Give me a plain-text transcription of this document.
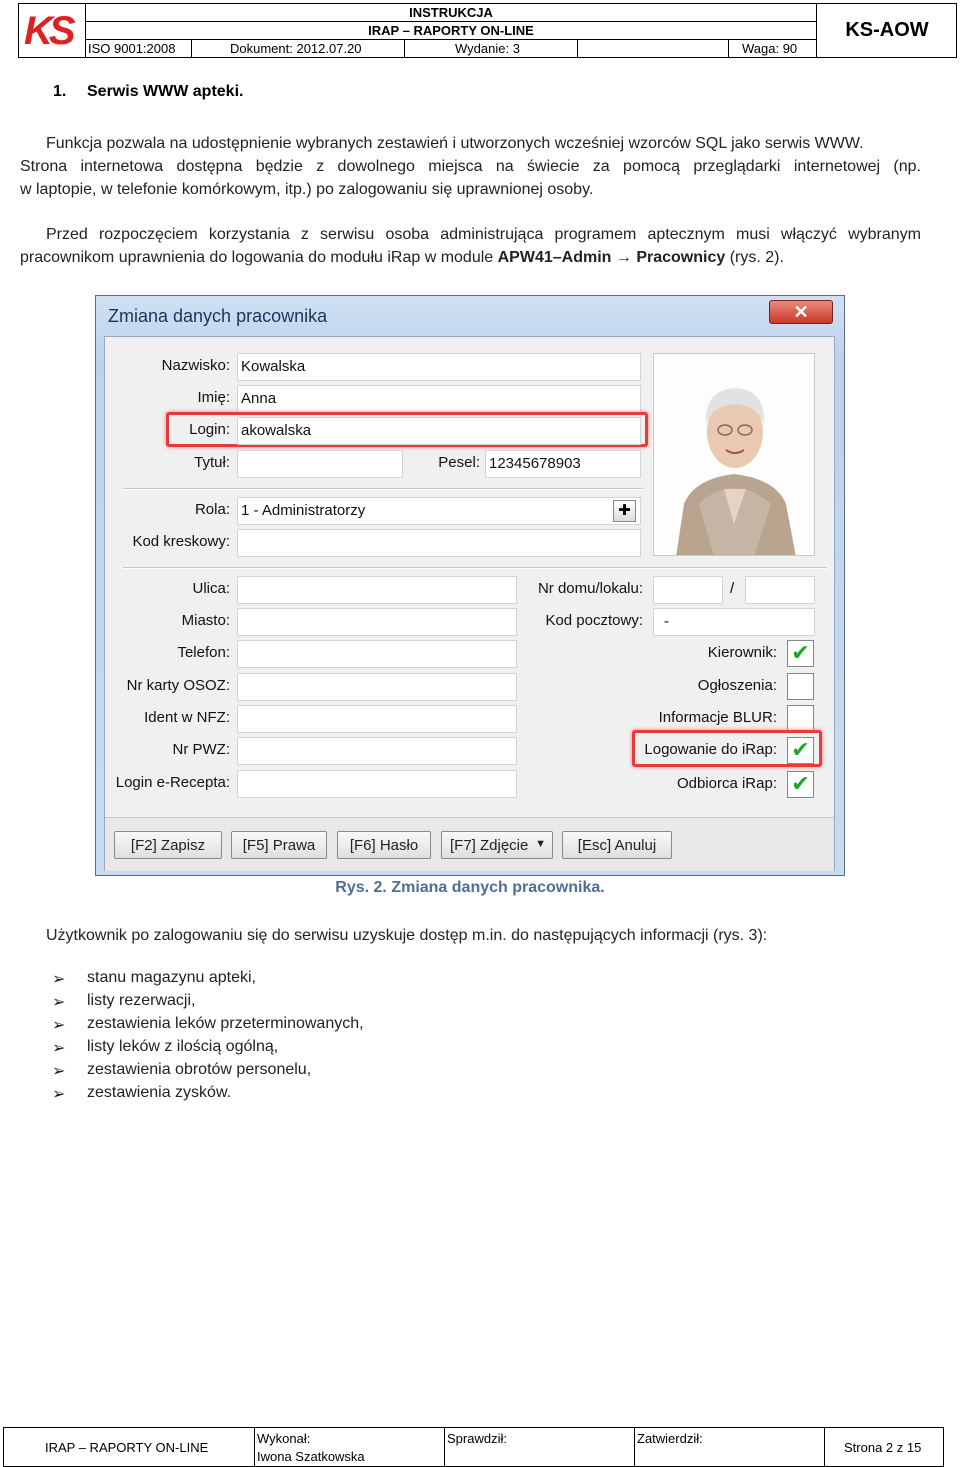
KS	INSTRUKCJA
IRAP – RAPORTY ON-LINE
ISO 9001:2008	Dokument: 2012.07.20	Wydanie: 3	Waga: 90
KS-AOW
1. Serwis WWW apteki.
Funkcja pozwala na udostępnienie wybranych zestawień i utworzonych wcześniej wzorców SQL jako serwis WWW.
Strona internetowa dostępna będzie z dowolnego miejsca na świecie za pomocą przeglądarki internetowej (np.
w laptopie, w telefonie komórkowym, itp.) po zalogowaniu się uprawnionej osoby.
Przed rozpoczęciem korzystania z serwisu osoba administrująca programem aptecznym musi włączyć wybranym
pracownikom uprawnienia do logowania do modułu iRap w module APW41–Admin → Pracownicy (rys. 2).
Zmiana danych pracownika	✕
Nazwisko: Kowalska
Imię: Anna
Login: akowalska
Tytuł:	Pesel: 12345678903
Rola: 1 - Administratorzy	✚
Kod kreskowy:
Ulica:	Nr domu/lokalu:	/
Miasto:	Kod pocztowy:	-
Telefon:	Kierownik: ✔
Nr karty OSOZ:	Ogłoszenia:
Ident w NFZ:	Informacje BLUR:
Nr PWZ:	Logowanie do iRap: ✔
Login e-Recepta:	Odbiorca iRap: ✔
[F2] Zapisz	[F5] Prawa	[F6] Hasło	[F7] Zdjęcie ▼	[Esc] Anuluj
Rys. 2. Zmiana danych pracownika.
Użytkownik po zalogowaniu się do serwisu uzyskuje dostęp m.in. do następujących informacji (rys. 3):
➢ stanu magazynu apteki,
➢ listy rezerwacji,
➢ zestawienia leków przeterminowanych,
➢ listy leków z ilością ogólną,
➢ zestawienia obrotów personelu,
➢ zestawienia zysków.
IRAP – RAPORTY ON-LINE
Wykonał:
Iwona Szatkowska
Sprawdził:	Zatwierdził:
Strona 2 z 15
